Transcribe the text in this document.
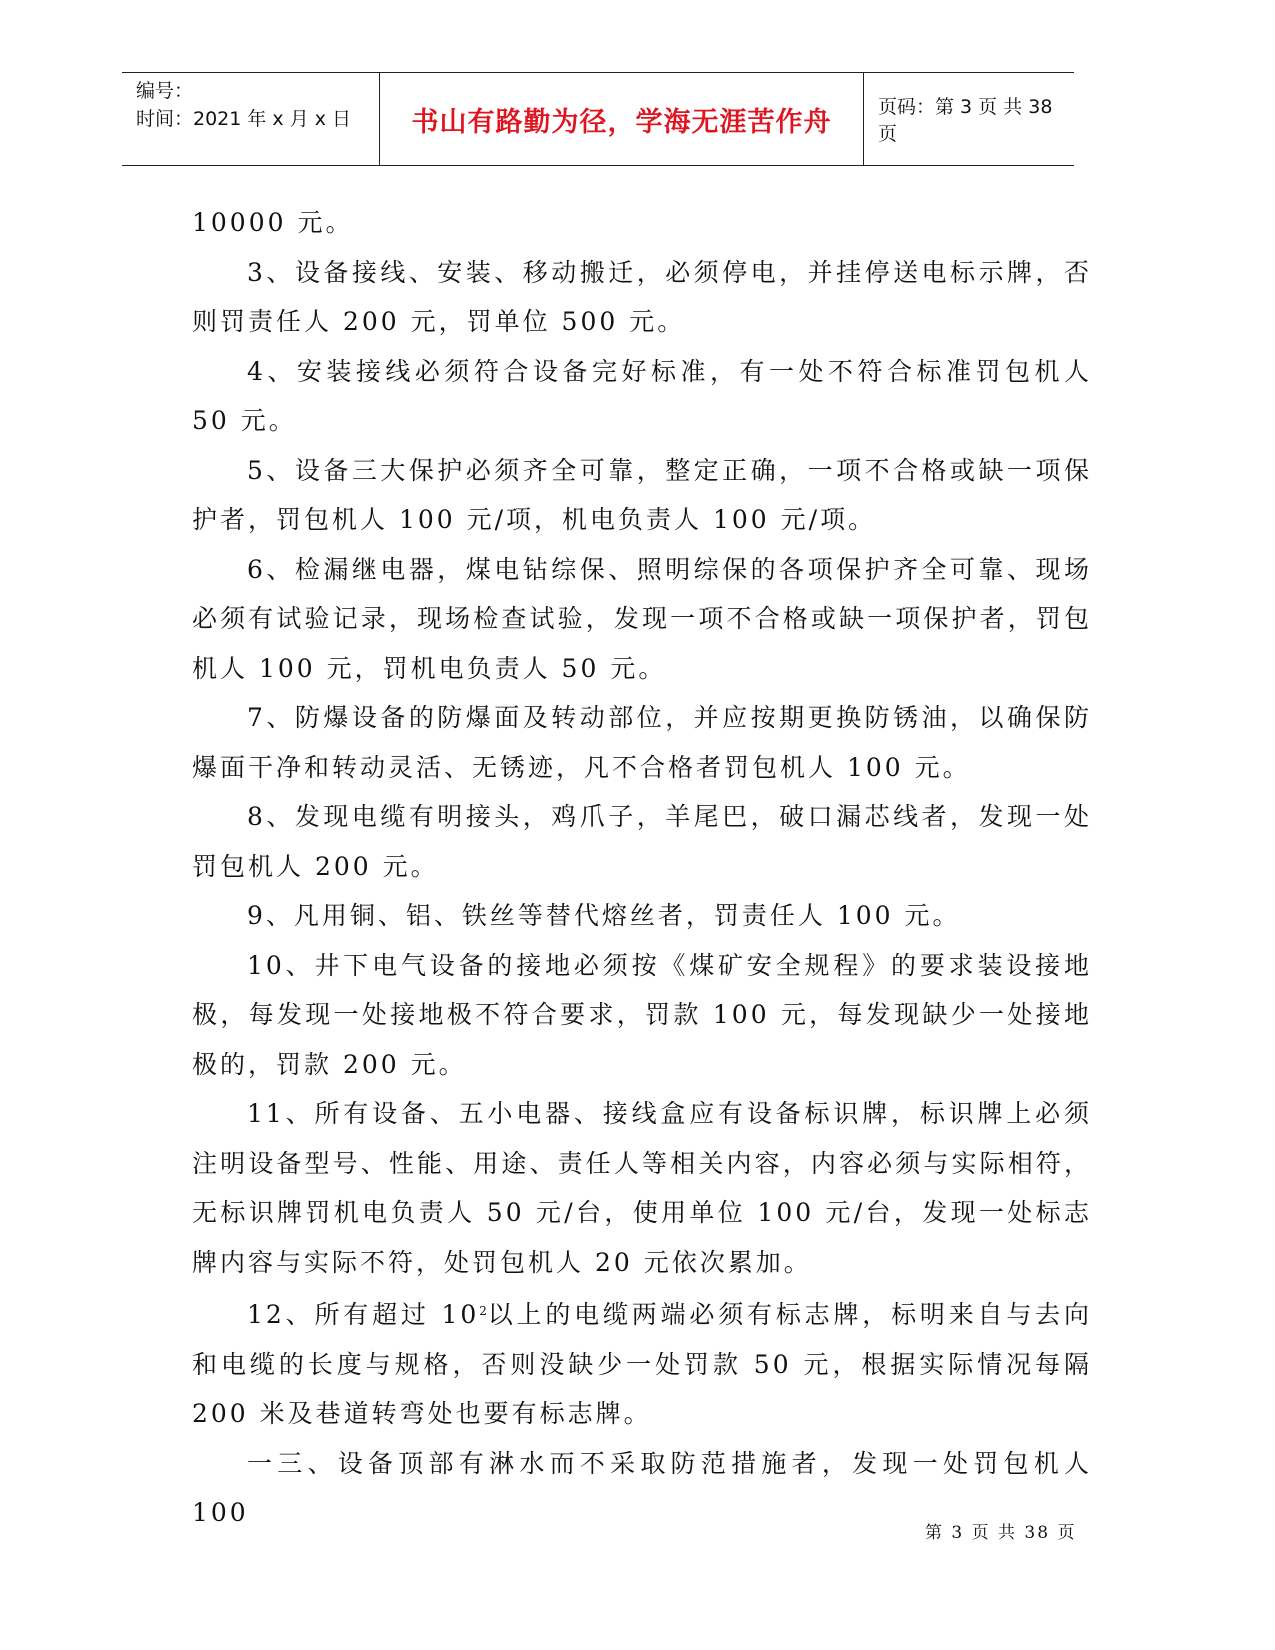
编号：
时间：2021 年 x 月 x 日	书山有路勤为径，学海无涯苦作舟	页码：第 3 页 共 38 页

10000 元。

3、设备接线、安装、移动搬迁，必须停电，并挂停送电标示牌，否则罚责任人 200 元，罚单位 500 元。

4、安装接线必须符合设备完好标准，有一处不符合标准罚包机人 50 元。

5、设备三大保护必须齐全可靠，整定正确，一项不合格或缺一项保护者，罚包机人 100 元/项，机电负责人 100 元/项。

6、检漏继电器，煤电钻综保、照明综保的各项保护齐全可靠、现场必须有试验记录，现场检查试验，发现一项不合格或缺一项保护者，罚包机人 100 元，罚机电负责人 50 元。

7、防爆设备的防爆面及转动部位，并应按期更换防锈油，以确保防爆面干净和转动灵活、无锈迹，凡不合格者罚包机人 100 元。

8、发现电缆有明接头，鸡爪子，羊尾巴，破口漏芯线者，发现一处罚包机人 200 元。

9、凡用铜、铝、铁丝等替代熔丝者，罚责任人 100 元。

10、井下电气设备的接地必须按《煤矿安全规程》的要求装设接地极，每发现一处接地极不符合要求，罚款 100 元，每发现缺少一处接地极的，罚款 200 元。

11、所有设备、五小电器、接线盒应有设备标识牌，标识牌上必须注明设备型号、性能、用途、责任人等相关内容，内容必须与实际相符，无标识牌罚机电负责人 50 元/台，使用单位 100 元/台，发现一处标志牌内容与实际不符，处罚包机人 20 元依次累加。

12、所有超过 $10^2$以上的电缆两端必须有标志牌，标明来自与去向和电缆的长度与规格，否则没缺少一处罚款 50 元，根据实际情况每隔 200 米及巷道转弯处也要有标志牌。

一三、设备顶部有淋水而不采取防范措施者，发现一处罚包机人 100

第 3 页 共 38 页
